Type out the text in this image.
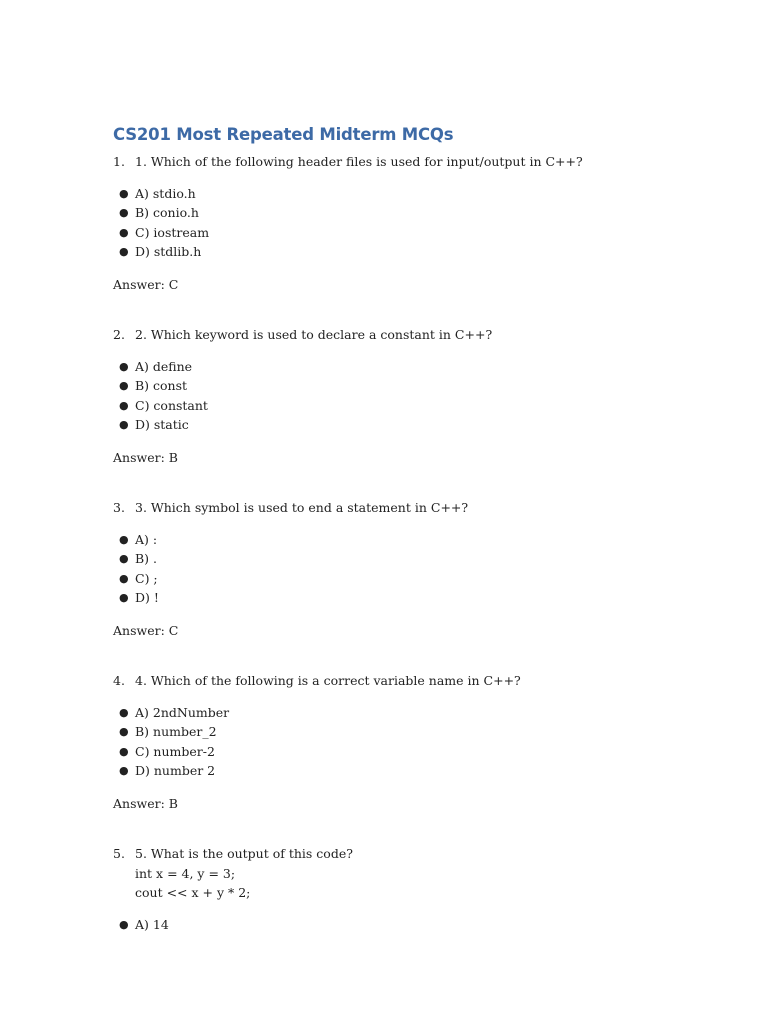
CS201 Most Repeated Midterm MCQs
1. 1. Which of the following header files is used for input/output in C++?
● A) stdio.h
● B) conio.h
● C) iostream
● D) stdlib.h
Answer: C
2. 2. Which keyword is used to declare a constant in C++?
● A) define
● B) const
● C) constant
● D) static
Answer: B
3. 3. Which symbol is used to end a statement in C++?
● A) :
● B) .
● C) ;
● D) !
Answer: C
4. 4. Which of the following is a correct variable name in C++?
● A) 2ndNumber
● B) number_2
● C) number-2
● D) number 2
Answer: B
5. 5. What is the output of this code?
int x = 4, y = 3;
cout << x + y * 2;
● A) 14
